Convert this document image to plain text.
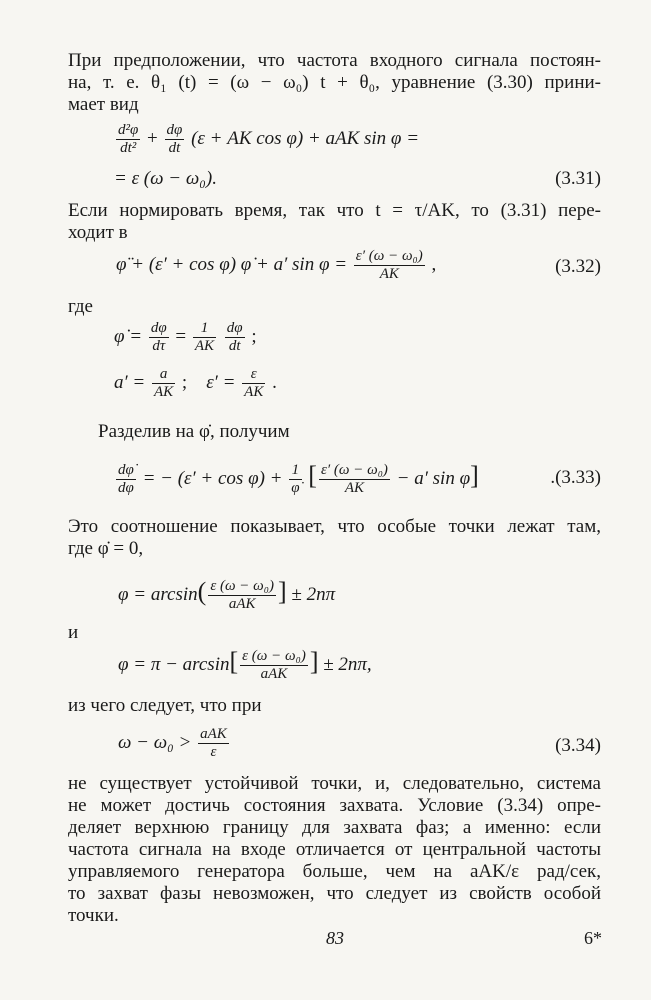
При предположении, что частота входного сигнала постоян-
на, т. е. θ₁ (t) = (ω − ω₀) t + θ₀, уравнение (3.30) прини-
мает вид
$\frac{\text{d²φ}}{\text{dt²}} + \frac{d\varphi}{dt} (\varepsilon$ + AK cos φ) + aAK sin φ =
= ε (ω − ω₀).	(3.31)
Если нормировать время, так что t = τ/AK, то (3.31) пере-
ходит в
φ̈ + (ε′ + cos φ) φ̇ + a′ $\sin \varphi = \frac{\text{ε′ (ω − ω₀)}}{AK}$ ,	(3.32)
где
φ̇ = $\frac{d\varphi}{d\tau} = \frac{1}{AK}$
$\frac{d\varphi}{dt}$ ;
$a' = \frac{a}{AK}$ ; $\varepsilon' = \frac{\varepsilon}{AK}$ .
Разделив на φ̇, получим
$\frac{d\varphi̇}{d\varphi}$ = − $(\varepsilon' + \cos \varphi) + \frac{1}{\varphi̇}$ [ $\frac{\text{ε′ (ω − ω₀)}}{AK} - a'$ sin φ]	.(3.33)
Это соотношение показывает, что особые точки лежат там,
где φ̇ = 0,
$\varphi = \arcsin( \frac{\text{ε (ω − ω₀)}}{\text{aAK}}$ ] ± 2nπ
и
$\varphi = \pi - \arcsin[ \frac{\text{ε (ω − ω₀)}}{\text{aAK}}$ ] ± 2nπ,
из чего следует, что при
$\omega - \omega_0 > \frac{\text{aAK}}{\varepsilon}$	(3.34)
не существует устойчивой точки, и, следовательно, система
не может достичь состояния захвата. Условие (3.34) опре-
деляет верхнюю границу для захвата фаз; а именно: если
частота сигнала на входе отличается от центральной частоты
управляемого генератора больше, чем на aAK/ε рад/сек,
то захват фазы невозможен, что следует из свойств особой
точки.
83	6*
